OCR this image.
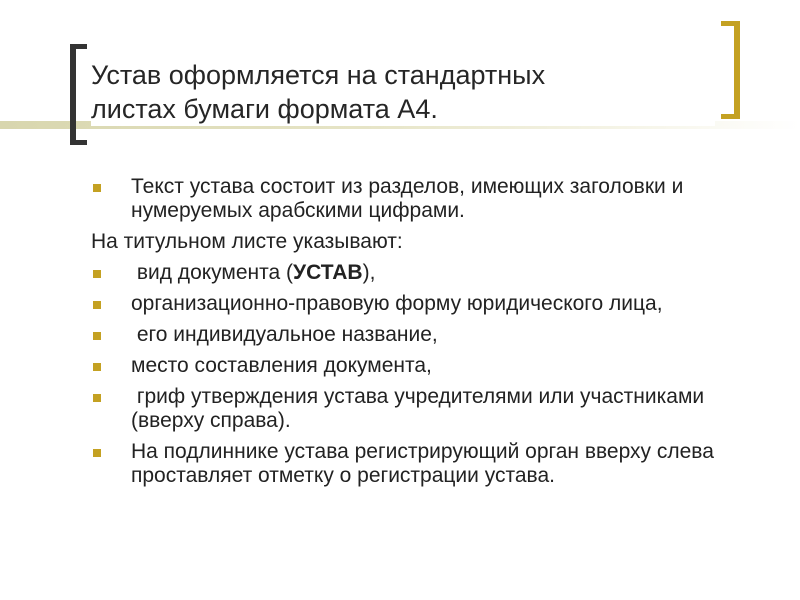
Устав оформляется на стандартных
листах бумаги формата А4.
Текст устава состоит из разделов, имеющих заголовки и нумеруемых арабскими цифрами.
На титульном листе указывают:
вид документа (УСТАВ),
организационно-правовую форму юридического лица,
его индивидуальное название,
место составления документа,
гриф утверждения устава учредителями или участниками (вверху справа).
На подлиннике устава регистрирующий орган вверху слева проставляет отметку о регистрации устава.
